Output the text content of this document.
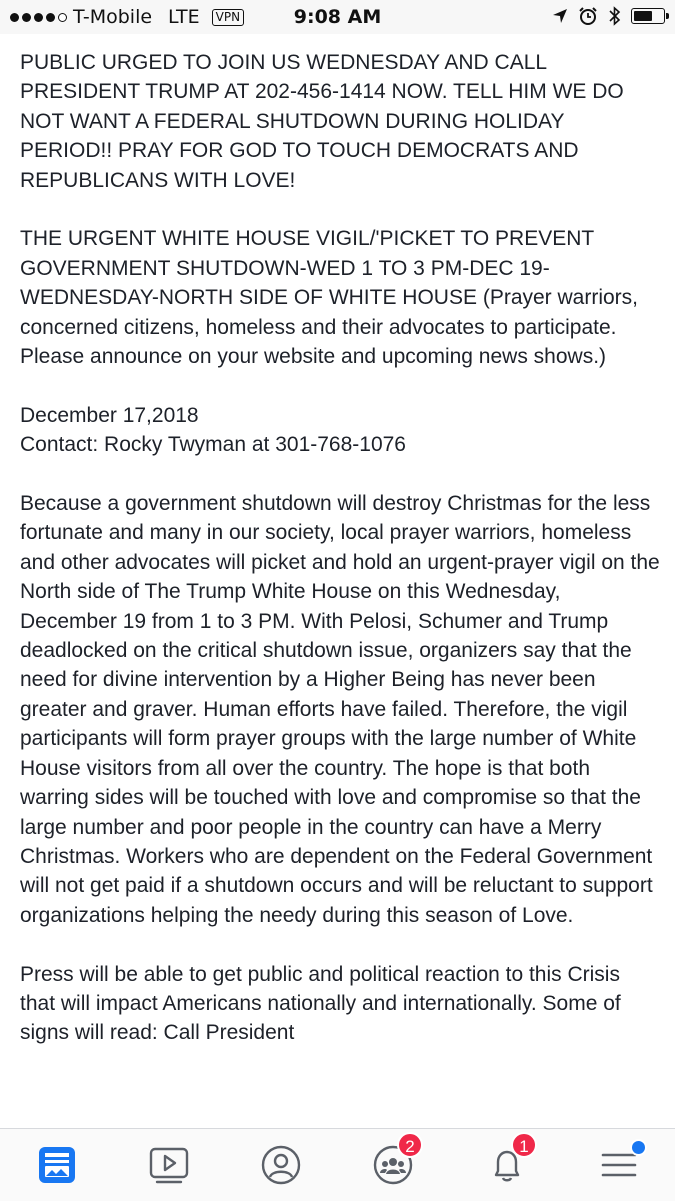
T-Mobile LTE	VPN	9:08 AM

PUBLIC URGED TO JOIN US WEDNESDAY AND CALL PRESIDENT TRUMP AT 202-456-1414 NOW. TELL HIM WE DO NOT WANT A FEDERAL SHUTDOWN DURING HOLIDAY PERIOD!! PRAY FOR GOD TO TOUCH DEMOCRATS AND REPUBLICANS WITH LOVE!

THE URGENT WHITE HOUSE VIGIL/'PICKET TO PREVENT GOVERNMENT SHUTDOWN-WED 1 TO 3 PM-DEC 19-WEDNESDAY-NORTH SIDE OF WHITE HOUSE (Prayer warriors, concerned citizens, homeless and their advocates to participate. Please announce on your website and upcoming news shows.)

December 17,2018

Contact: Rocky Twyman at 301-768-1076

Because a government shutdown will destroy Christmas for the less fortunate and many in our society, local prayer warriors, homeless and other advocates will picket and hold an urgent-prayer vigil on the North side of The Trump White House on this Wednesday, December 19 from 1 to 3 PM. With Pelosi, Schumer and Trump deadlocked on the critical shutdown issue, organizers say that the need for divine intervention by a Higher Being has never been greater and graver. Human efforts have failed. Therefore, the vigil participants will form prayer groups with the large number of White House visitors from all over the country. The hope is that both warring sides will be touched with love and compromise so that the large number and poor people in the country can have a Merry Christmas. Workers who are dependent on the Federal Government will not get paid if a shutdown occurs and will be reluctant to support organizations helping the needy during this season of Love.

Press will be able to get public and political reaction to this Crisis that will impact Americans nationally and internationally. Some of signs will read: Call President

2	1
